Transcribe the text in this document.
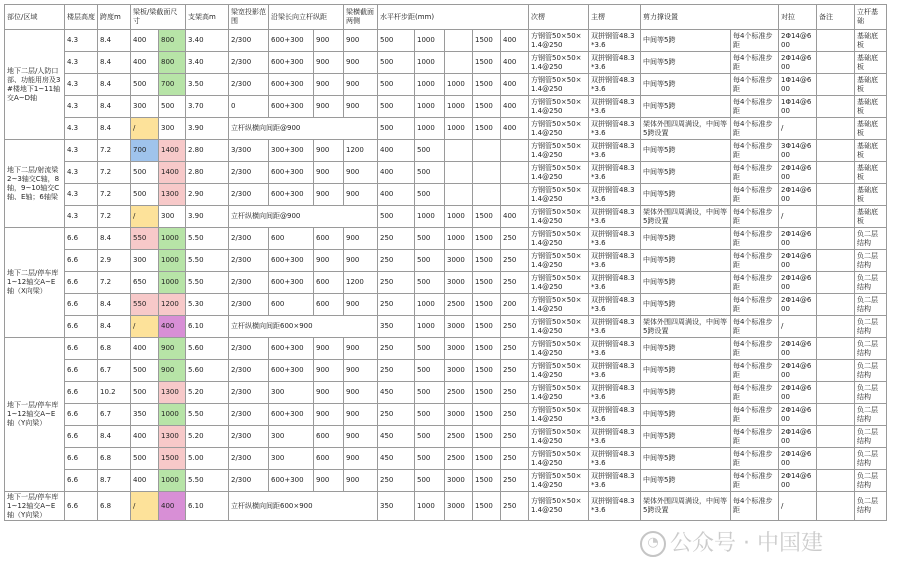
部位/区域	楼层高度	跨度m	梁板/梁截面尺寸		支架高m	梁宽投影范围	沿梁长向立杆纵距		梁横截面两侧	水平杆步距(mm)					次楞	主楞	剪力撑设置		对拉	备注	立杆基础
地下二层/人防口部、功能用房及3#楼地下1~11轴交A~D轴	4.3	8.4	400	800	3.40	2/300	600+300	900	900	500	1000		1500	400	方钢管50×50×1.4@250	双拼钢管48.3*3.6	中间等5跨	每4个标准步距	2Φ14@600		基础底板
	4.3	8.4	400	800	3.40	2/300	600+300	900	900	500	1000		1500	400	方钢管50×50×1.4@250	双拼钢管48.3*3.6	中间等5跨	每4个标准步距	2Φ14@600		基础底板
	4.3	8.4	500	700	3.50	2/300	600+300	900	900	500	1000	1000	1500	400	方钢管50×50×1.4@250	双拼钢管48.3*3.6	中间等5跨	每4个标准步距	1Φ14@600		基础底板
	4.3	8.4	300	500	3.70	0	600+300	900	900	500	1000	1000	1500	400	方钢管50×50×1.4@250	双拼钢管48.3*3.6	中间等5跨	每4个标准步距	1Φ14@600		基础底板
	4.3	8.4	/	300	3.90	立杆纵横向间距@900				500	1000	1000	1500	400	方钢管50×50×1.4@250	双拼钢管48.3*3.6	架体外围四周满设，中间等5跨设置	每4个标准步距	/		基础底板
地下二层/射流梁2~3轴交C轴，8轴，9~10轴交C轴、E轴；6轴梁	4.3	7.2	700	1400	2.80	3/300	300+300	900	1200	400	500				方钢管50×50×1.4@250	双拼钢管48.3*3.6	中间等5跨	每4个标准步距	3Φ14@600		基础底板
	4.3	7.2	500	1400	2.80	2/300	600+300	900	900	400	500				方钢管50×50×1.4@250	双拼钢管48.3*3.6	中间等5跨	每4个标准步距	2Φ14@600		基础底板
	4.3	7.2	500	1300	2.90	2/300	600+300	900	900	400	500				方钢管50×50×1.4@250	双拼钢管48.3*3.6	中间等5跨	每4个标准步距	2Φ14@600		基础底板
	4.3	7.2	/	300	3.90	立杆纵横向间距@900				500	1000	1000	1500	400	方钢管50×50×1.4@250	双拼钢管48.3*3.6	架体外围四周满设，中间等5跨设置	每4个标准步距	/		基础底板
地下二层/停车库1~12轴交A~E轴（X向梁）	6.6	8.4	550	1000	5.50	2/300	600	600	900	250	500	1000	1500	250	方钢管50×50×1.4@250	双拼钢管48.3*3.6	中间等5跨	每4个标准步距	2Φ14@600		负二层结构
	6.6	2.9	300	1000	5.50	2/300	600+300	900	900	250	500	3000	1500	250	方钢管50×50×1.4@250	双拼钢管48.3*3.6	中间等5跨	每4个标准步距	2Φ14@600		负二层结构
	6.6	7.2	650	1000	5.50	2/300	600+300	600	1200	250	500	3000	1500	250	方钢管50×50×1.4@250	双拼钢管48.3*3.6	中间等5跨	每4个标准步距	2Φ14@600		负二层结构
	6.6	8.4	550	1200	5.30	2/300	600	600	900	250	1000	2500	1500	200	方钢管50×50×1.4@250	双拼钢管48.3*3.6	中间等5跨	每4个标准步距	2Φ14@600		负二层结构
	6.6	8.4	/	400	6.10	立杆纵横向间距600×900				350	1000	3000	1500	250	方钢管50×50×1.4@250	双拼钢管48.3*3.6	架体外围四周满设，中间等5跨设置	每4个标准步距	/		负二层结构
地下一层/停车库1~12轴交A~E轴（Y向梁）	6.6	6.8	400	900	5.60	2/300	600+300	900	900	250	500	3000	1500	250	方钢管50×50×1.4@250	双拼钢管48.3*3.6	中间等5跨	每4个标准步距	2Φ14@600		负二层结构
	6.6	6.7	500	900	5.60	2/300	600+300	900	900	250	500	3000	1500	250	方钢管50×50×1.4@250	双拼钢管48.3*3.6	中间等5跨	每4个标准步距	2Φ14@600		负二层结构
	6.6	10.2	500	1300	5.20	2/300	300	900	900	450	500	2500	1500	250	方钢管50×50×1.4@250	双拼钢管48.3*3.6	中间等5跨	每4个标准步距	2Φ14@600		负二层结构
	6.6	6.7	350	1000	5.50	2/300	600+300	900	900	250	500	3000	1500	250	方钢管50×50×1.4@250	双拼钢管48.3*3.6	中间等5跨	每4个标准步距	2Φ14@600		负二层结构
	6.6	8.4	400	1300	5.20	2/300	300	600	900	450	500	2500	1500	250	方钢管50×50×1.4@250	双拼钢管48.3*3.6	中间等5跨	每4个标准步距	2Φ14@600		负二层结构
	6.6	6.8	500	1500	5.00	2/300	300	600	900	450	500	2500	1500	250	方钢管50×50×1.4@250	双拼钢管48.3*3.6	中间等5跨	每4个标准步距	2Φ14@600		负二层结构
	6.6	8.7	400	1000	5.50	2/300	600+300	900	900	250	500	3000	1500	250	方钢管50×50×1.4@250	双拼钢管48.3*3.6	中间等5跨	每4个标准步距	2Φ14@600		负二层结构
地下一层/停车库1~12轴交A~E轴（Y向梁）	6.6	6.8	/	400	6.10	立杆纵横向间距600×900				350	1000	3000	1500	250	方钢管50×50×1.4@250	双拼钢管48.3*3.6	架体外围四周满设，中间等5跨设置	每4个标准步距	/		负二层结构
◔ 公众号 · 中国建
